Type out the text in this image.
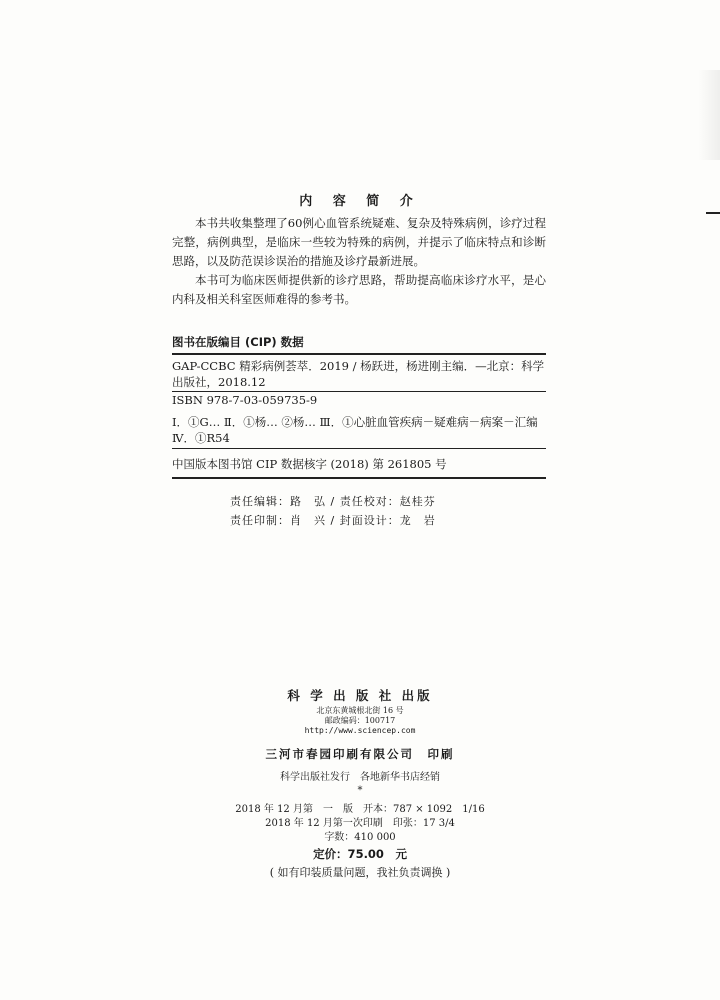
内 容 简 介

本书共收集整理了60例心血管系统疑难、复杂及特殊病例，诊疗过程完整，病例典型，是临床一些较为特殊的病例，并提示了临床特点和诊断思路，以及防范误诊误治的措施及诊疗最新进展。

本书可为临床医师提供新的诊疗思路，帮助提高临床诊疗水平，是心内科及相关科室医师难得的参考书。

图书在版编目 (CIP) 数据
GAP-CCBC 精彩病例荟萃．2019 / 杨跃进，杨进刚主编．—北京：科学出版社，2018.12
ISBN 978-7-03-059735-9
Ⅰ．①G… Ⅱ．①杨… ②杨… Ⅲ．①心脏血管疾病－疑难病－病案－汇编 Ⅳ．①R54
中国版本图书馆 CIP 数据核字 (2018) 第 261805 号
责任编辑：路　弘 / 责任校对：赵桂芬
责任印制：肖　兴 / 封面设计：龙　岩
科 学 出 版 社 出版
北京东黄城根北街 16 号
邮政编码：100717
http://www.sciencep.com
三河市春园印刷有限公司　印刷
科学出版社发行　各地新华书店经销
*
2018 年 12 月第　一　版　开本：787 × 1092　1/16
2018 年 12 月第一次印刷　印张：17 3/4
字数：410 000
定价：75.00　元
( 如有印装质量问题，我社负责调换 )
